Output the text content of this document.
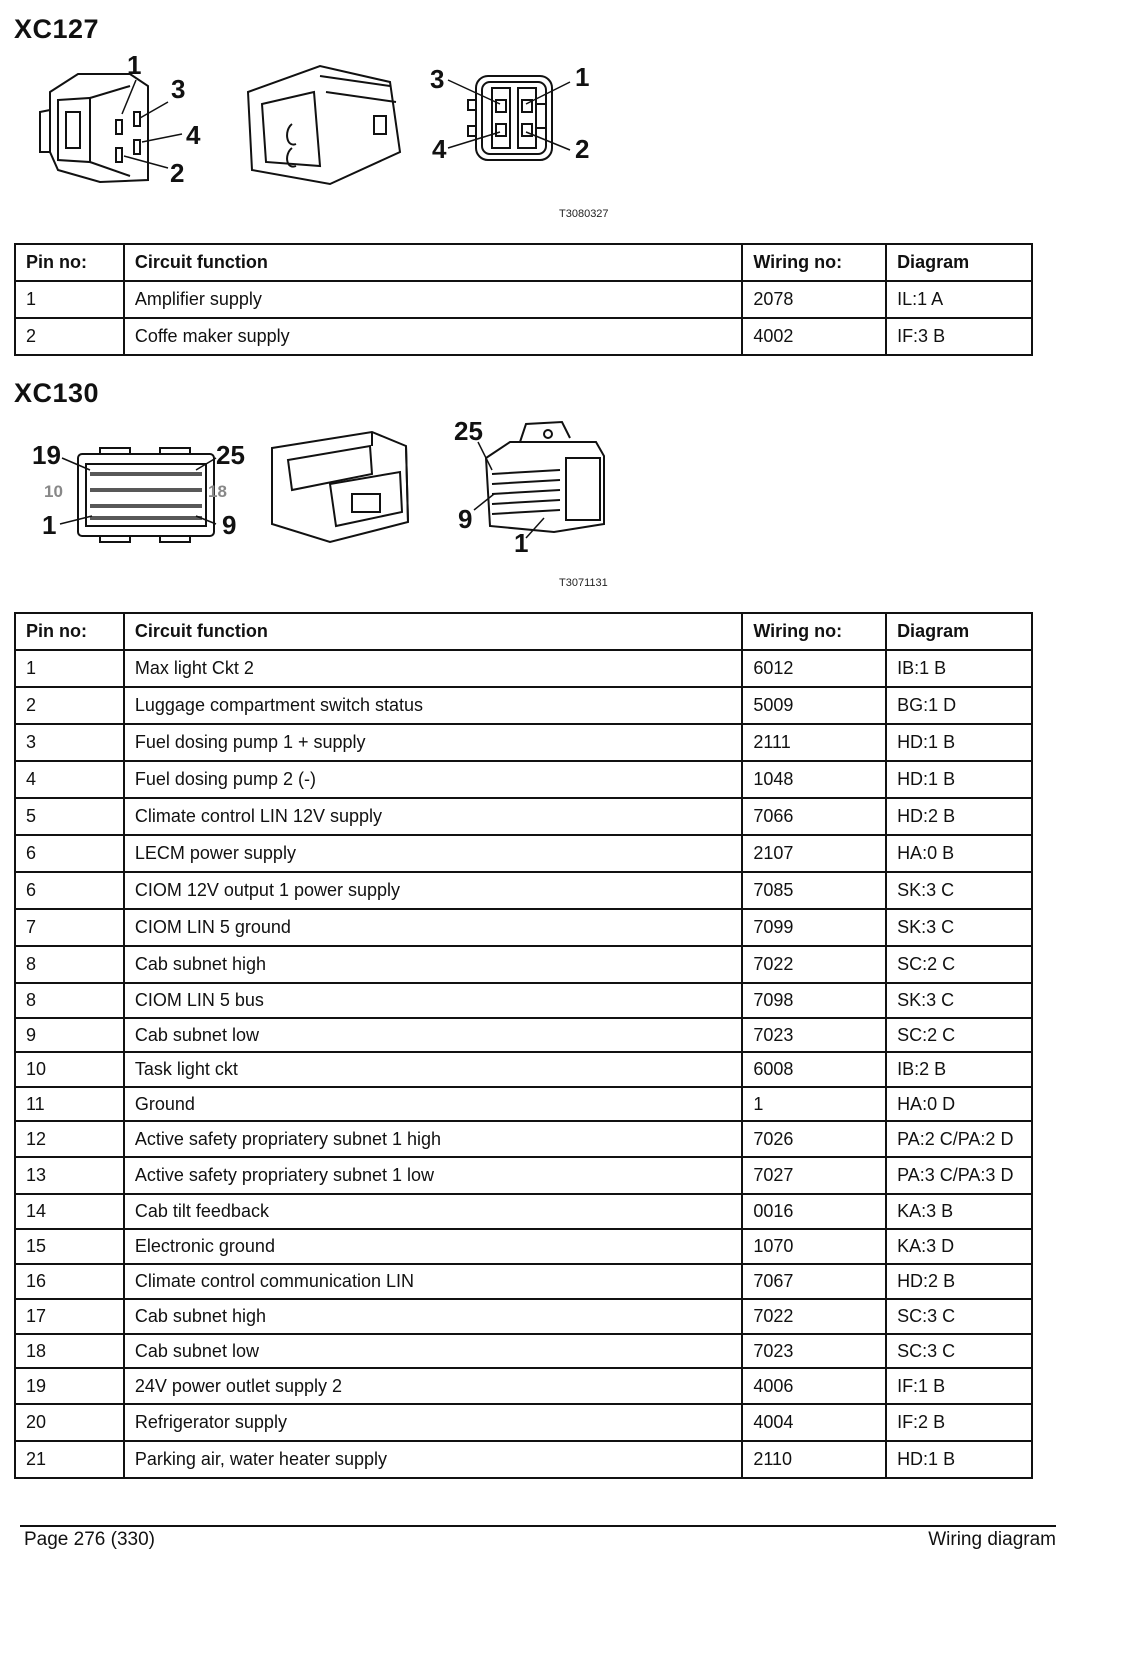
XC127
1
3
4
2
3	1
4	2
T3080327
Pin no:	Circuit function	Wiring no:	Diagram
1	Amplifier supply	2078	IL:1 A
2	Coffe maker supply	4002	IF:3 B
XC130
19	25
10	18
1	9
25
9
1
T3071131
Pin no:	Circuit function	Wiring no:	Diagram
1	Max light Ckt 2	6012	IB:1 B
2	Luggage compartment switch status	5009	BG:1 D
3	Fuel dosing pump 1 + supply	2111	HD:1 B
4	Fuel dosing pump 2 (-)	1048	HD:1 B
5	Climate control LIN 12V supply	7066	HD:2 B
6	LECM power supply	2107	HA:0 B
6	CIOM 12V output 1 power supply	7085	SK:3 C
7	CIOM LIN 5 ground	7099	SK:3 C
8	Cab subnet high	7022	SC:2 C
8	CIOM LIN 5 bus	7098	SK:3 C
9	Cab subnet low	7023	SC:2 C
10	Task light ckt	6008	IB:2 B
11	Ground	1	HA:0 D
12	Active safety propriatery subnet 1 high	7026	PA:2 C/PA:2 D
13	Active safety propriatery subnet 1 low	7027	PA:3 C/PA:3 D
14	Cab tilt feedback	0016	KA:3 B
15	Electronic ground	1070	KA:3 D
16	Climate control communication LIN	7067	HD:2 B
17	Cab subnet high	7022	SC:3 C
18	Cab subnet low	7023	SC:3 C
19	24V power outlet supply 2	4006	IF:1 B
20	Refrigerator supply	4004	IF:2 B
21	Parking air, water heater supply	2110	HD:1 B
Page 276 (330)	Wiring diagram
